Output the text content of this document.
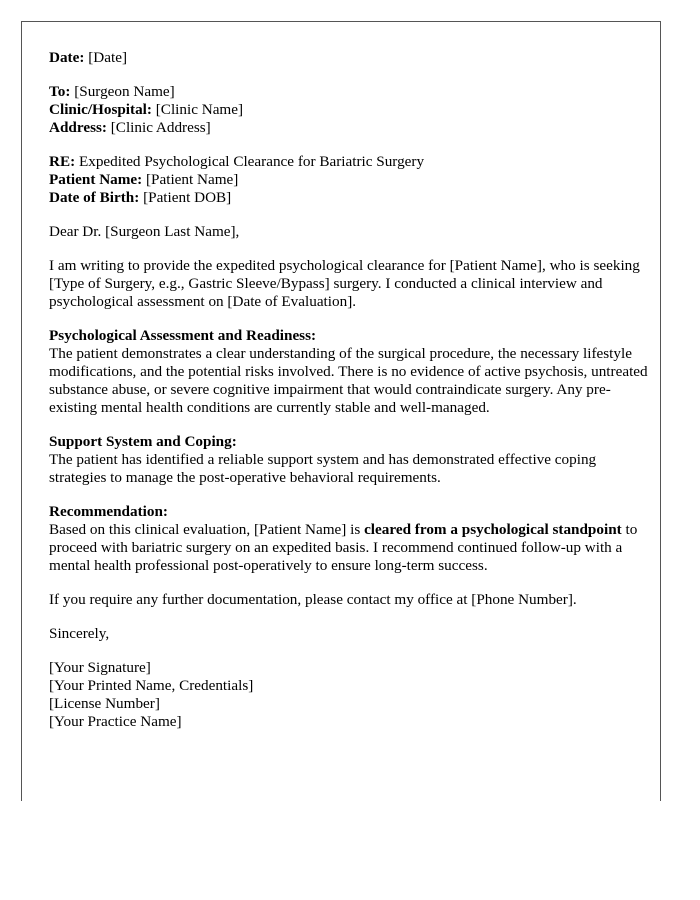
Date: [Date]

To: [Surgeon Name]
Clinic/Hospital: [Clinic Name]
Address: [Clinic Address]

RE: Expedited Psychological Clearance for Bariatric Surgery
Patient Name: [Patient Name]
Date of Birth: [Patient DOB]

Dear Dr. [Surgeon Last Name],

I am writing to provide the expedited psychological clearance for [Patient Name], who is seeking [Type of Surgery, e.g., Gastric Sleeve/Bypass] surgery. I conducted a clinical interview and psychological assessment on [Date of Evaluation].

Psychological Assessment and Readiness:
The patient demonstrates a clear understanding of the surgical procedure, the necessary lifestyle modifications, and the potential risks involved. There is no evidence of active psychosis, untreated substance abuse, or severe cognitive impairment that would contraindicate surgery. Any pre-existing mental health conditions are currently stable and well-managed.

Support System and Coping:
The patient has identified a reliable support system and has demonstrated effective coping strategies to manage the post-operative behavioral requirements.

Recommendation:
Based on this clinical evaluation, [Patient Name] is cleared from a psychological standpoint to proceed with bariatric surgery on an expedited basis. I recommend continued follow-up with a mental health professional post-operatively to ensure long-term success.

If you require any further documentation, please contact my office at [Phone Number].

Sincerely,

[Your Signature]
[Your Printed Name, Credentials]
[License Number]
[Your Practice Name]
